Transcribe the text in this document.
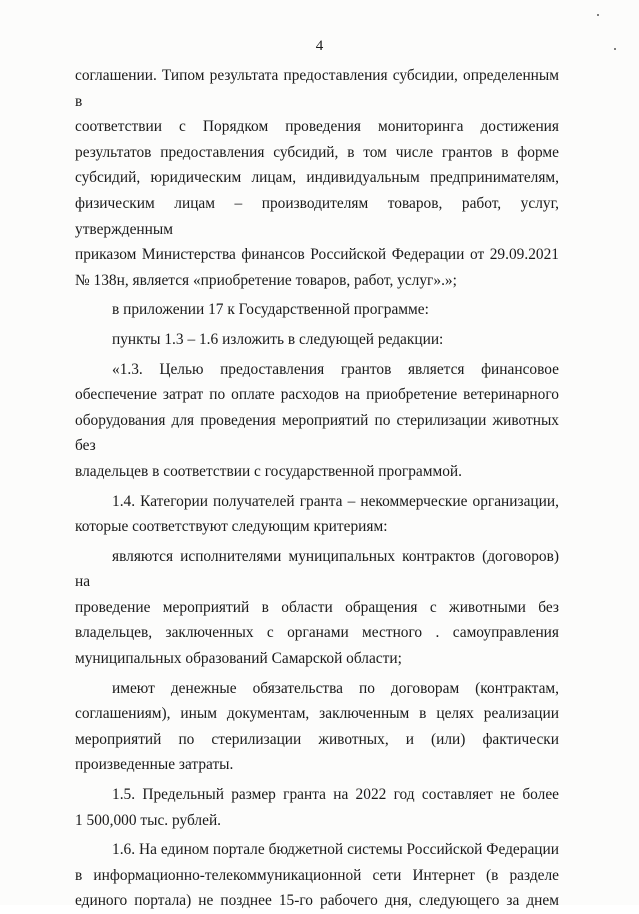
4

соглашении. Типом результата предоставления субсидии, определенным в

соответствии с Порядком проведения мониторинга достижения

результатов предоставления субсидий, в том числе грантов в форме

субсидий, юридическим лицам, индивидуальным предпринимателям,

физическим лицам – производителям товаров, работ, услуг, утвержденным

приказом Министерства финансов Российской Федерации от 29.09.2021

№ 138н, является «приобретение товаров, работ, услуг».»;

в приложении 17 к Государственной программе:

пункты 1.3 – 1.6 изложить в следующей редакции:

«1.3. Целью предоставления грантов является финансовое

обеспечение затрат по оплате расходов на приобретение ветеринарного

оборудования для проведения мероприятий по стерилизации животных без

владельцев в соответствии с государственной программой.

1.4. Категории получателей гранта – некоммерческие организации,

которые соответствуют следующим критериям:

являются исполнителями муниципальных контрактов (договоров) на

проведение мероприятий в области обращения с животными без

владельцев, заключенных с органами местного . самоуправления

муниципальных образований Самарской области;

имеют денежные обязательства по договорам (контрактам,

соглашениям), иным документам, заключенным в целях реализации

мероприятий по стерилизации животных, и (или) фактически

произведенные затраты.

1.5. Предельный размер гранта на 2022 год составляет не более

1 500,000 тыс. рублей.

1.6. На едином портале бюджетной системы Российской Федерации

в информационно-телекоммуникационной сети Интернет (в разделе

единого портала) не позднее 15-го рабочего дня, следующего за днем
